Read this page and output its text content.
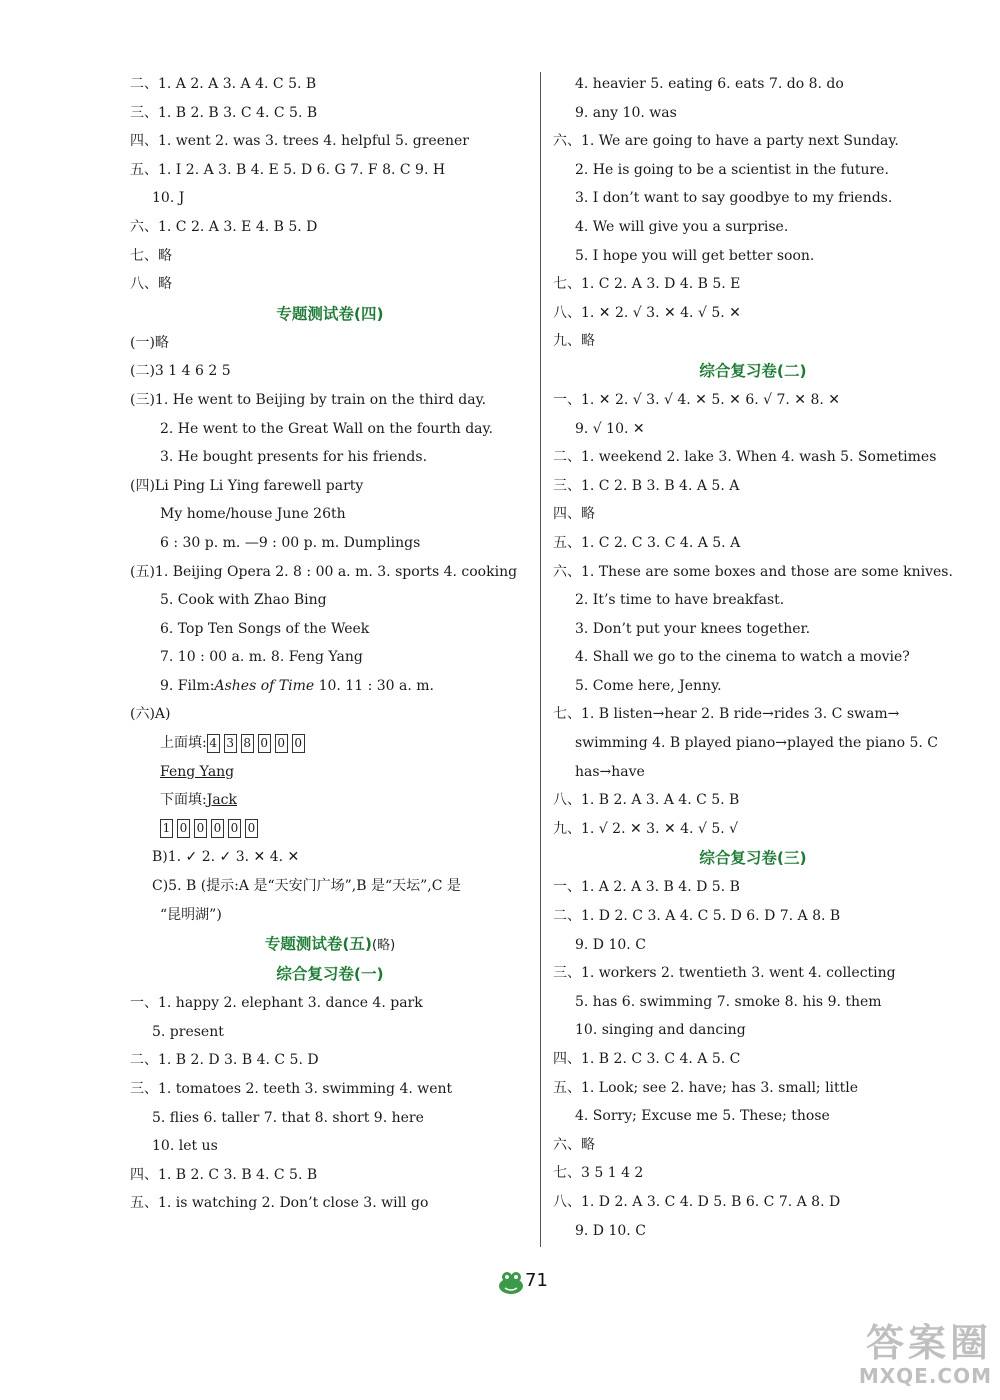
二、1. A 2. A 3. A 4. C 5. B
三、1. B 2. B 3. C 4. C 5. B
四、1. went 2. was 3. trees 4. helpful 5. greener
五、1. I 2. A 3. B 4. E 5. D 6. G 7. F 8. C 9. H
10. J
六、1. C 2. A 3. E 4. B 5. D
七、略
八、略
专题测试卷(四)
(一)略
(二)3 1 4 6 2 5
(三)1. He went to Beijing by train on the third day.
2. He went to the Great Wall on the fourth day.
3. He bought presents for his friends.
(四)Li Ping Li Ying farewell party
My home/house June 26th
6 : 30 p. m. —9 : 00 p. m. Dumplings
(五)1. Beijing Opera 2. 8 : 00 a. m. 3. sports 4. cooking
5. Cook with Zhao Bing
6. Top Ten Songs of the Week
7. 10 : 00 a. m. 8. Feng Yang
9. Film:Ashes of Time 10. 11 : 30 a. m.
(六)A)
上面填: 4 3 8 0 0 0
Feng Yang
下面填:Jack
1 0 0 0 0 0
B)1. ✓ 2. ✓ 3. ✕ 4. ✕
C)5. B (提示:A 是“天安门广场”,B 是“天坛”,C 是
“昆明湖”)
专题测试卷(五)(略)
综合复习卷(一)
一、1. happy 2. elephant 3. dance 4. park
5. present
二、1. B 2. D 3. B 4. C 5. D
三、1. tomatoes 2. teeth 3. swimming 4. went
5. flies 6. taller 7. that 8. short 9. here
10. let us
四、1. B 2. C 3. B 4. C 5. B
五、1. is watching 2. Don’t close 3. will go
4. heavier 5. eating 6. eats 7. do 8. do
9. any 10. was
六、1. We are going to have a party next Sunday.
2. He is going to be a scientist in the future.
3. I don’t want to say goodbye to my friends.
4. We will give you a surprise.
5. I hope you will get better soon.
七、1. C 2. A 3. D 4. B 5. E
八、1. ✕ 2. √ 3. ✕ 4. √ 5. ✕
九、略
综合复习卷(二)
一、1. ✕ 2. √ 3. √ 4. ✕ 5. ✕ 6. √ 7. ✕ 8. ✕
9. √ 10. ✕
二、1. weekend 2. lake 3. When 4. wash 5. Sometimes
三、1. C 2. B 3. B 4. A 5. A
四、略
五、1. C 2. C 3. C 4. A 5. A
六、1. These are some boxes and those are some knives.
2. It’s time to have breakfast.
3. Don’t put your knees together.
4. Shall we go to the cinema to watch a movie?
5. Come here, Jenny.
七、1. B listen→hear 2. B ride→rides 3. C swam→
swimming 4. B played piano→played the piano 5. C
has→have
八、1. B 2. A 3. A 4. C 5. B
九、1. √ 2. ✕ 3. ✕ 4. √ 5. √
综合复习卷(三)
一、1. A 2. A 3. B 4. D 5. B
二、1. D 2. C 3. A 4. C 5. D 6. D 7. A 8. B
9. D 10. C
三、1. workers 2. twentieth 3. went 4. collecting
5. has 6. swimming 7. smoke 8. his 9. them
10. singing and dancing
四、1. B 2. C 3. C 4. A 5. C
五、1. Look; see 2. have; has 3. small; little
4. Sorry; Excuse me 5. These; those
六、略
七、3 5 1 4 2
八、1. D 2. A 3. C 4. D 5. B 6. C 7. A 8. D
9. D 10. C
71
答案圈
MXQE.COM
